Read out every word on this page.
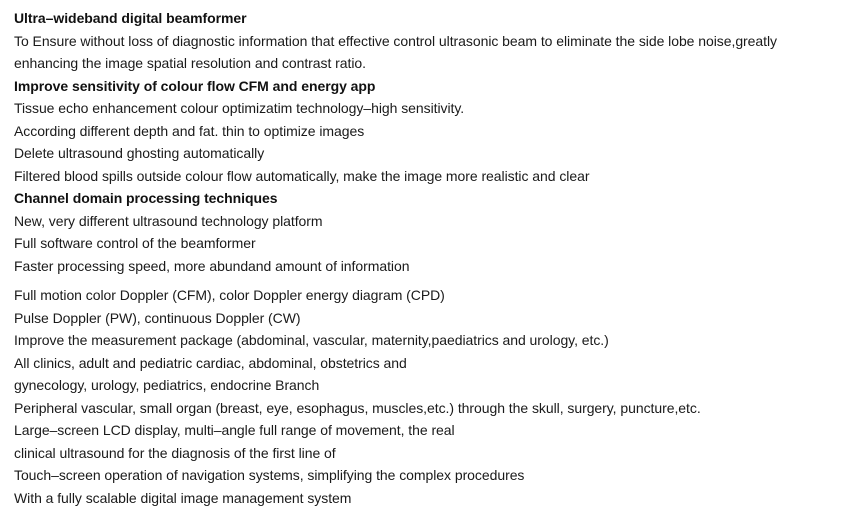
Ultra–wideband digital beamformer
To Ensure without loss of diagnostic information that effective control ultrasonic beam to eliminate the side lobe noise,greatly enhancing the image spatial resolution and contrast ratio.
Improve sensitivity of colour flow CFM and energy app
Tissue echo enhancement colour optimizatim technology–high sensitivity.
According different depth and fat. thin to optimize images
Delete ultrasound ghosting automatically
Filtered blood spills outside colour flow automatically, make the image more realistic and clear
Channel domain processing techniques
New, very different ultrasound technology platform
Full software control of the beamformer
Faster processing speed, more abundand amount of information
Full motion color Doppler (CFM), color Doppler energy diagram (CPD)
Pulse Doppler (PW), continuous Doppler (CW)
Improve the measurement package (abdominal, vascular, maternity,paediatrics and urology, etc.)
All clinics, adult and pediatric cardiac, abdominal, obstetrics and
gynecology, urology, pediatrics, endocrine Branch
Peripheral vascular, small organ (breast, eye, esophagus, muscles,etc.) through the skull, surgery, puncture,etc.
Large–screen LCD display, multi–angle full range of movement, the real
clinical ultrasound for the diagnosis of the first line of
Touch–screen operation of navigation systems, simplifying the complex procedures
With a fully scalable digital image management system
